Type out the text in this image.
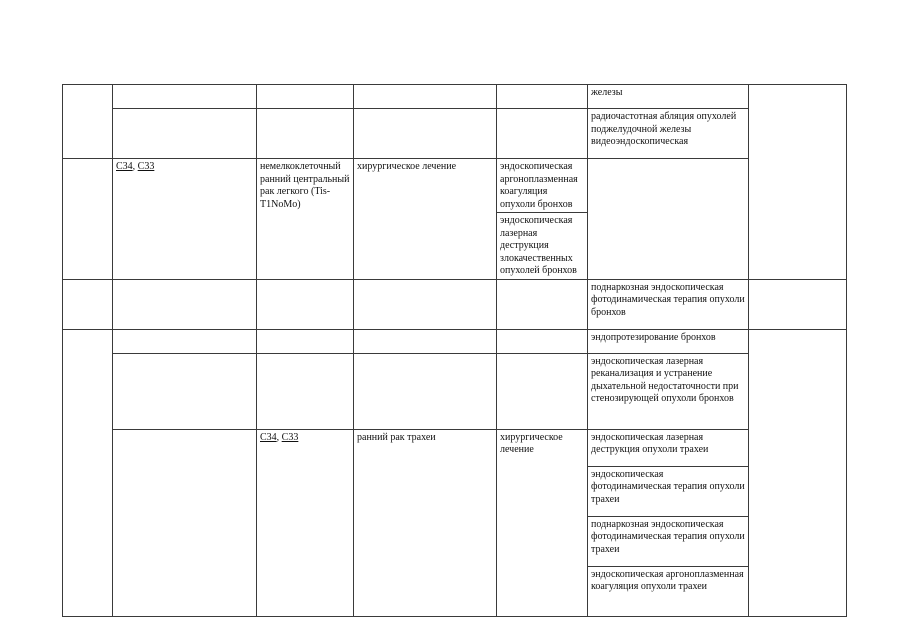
					железы	
					радиочастотная абляция опухолей поджелудочной железы видеоэндоскопическая	
	C34, C33	немелкоклеточный ранний центральный рак легкого (Tis-T1NoMo)	хирургическое лечение	эндоскопическая аргоноплазменная коагуляция опухоли бронхов		
				эндоскопическая лазерная деструкция злокачественных опухолей бронхов		
					поднаркозная эндоскопическая фотодинамическая терапия опухоли бронхов	
					эндопротезирование бронхов	
					эндоскопическая лазерная реканализация и устранение дыхательной недостаточности при стенозирующей опухоли бронхов	
		C34, C33	ранний рак трахеи	хирургическое лечение	эндоскопическая лазерная деструкция опухоли трахеи	
					эндоскопическая фотодинамическая терапия опухоли трахеи	
					поднаркозная эндоскопическая фотодинамическая терапия опухоли трахеи	
					эндоскопическая аргоноплазменная коагуляция опухоли трахеи	
